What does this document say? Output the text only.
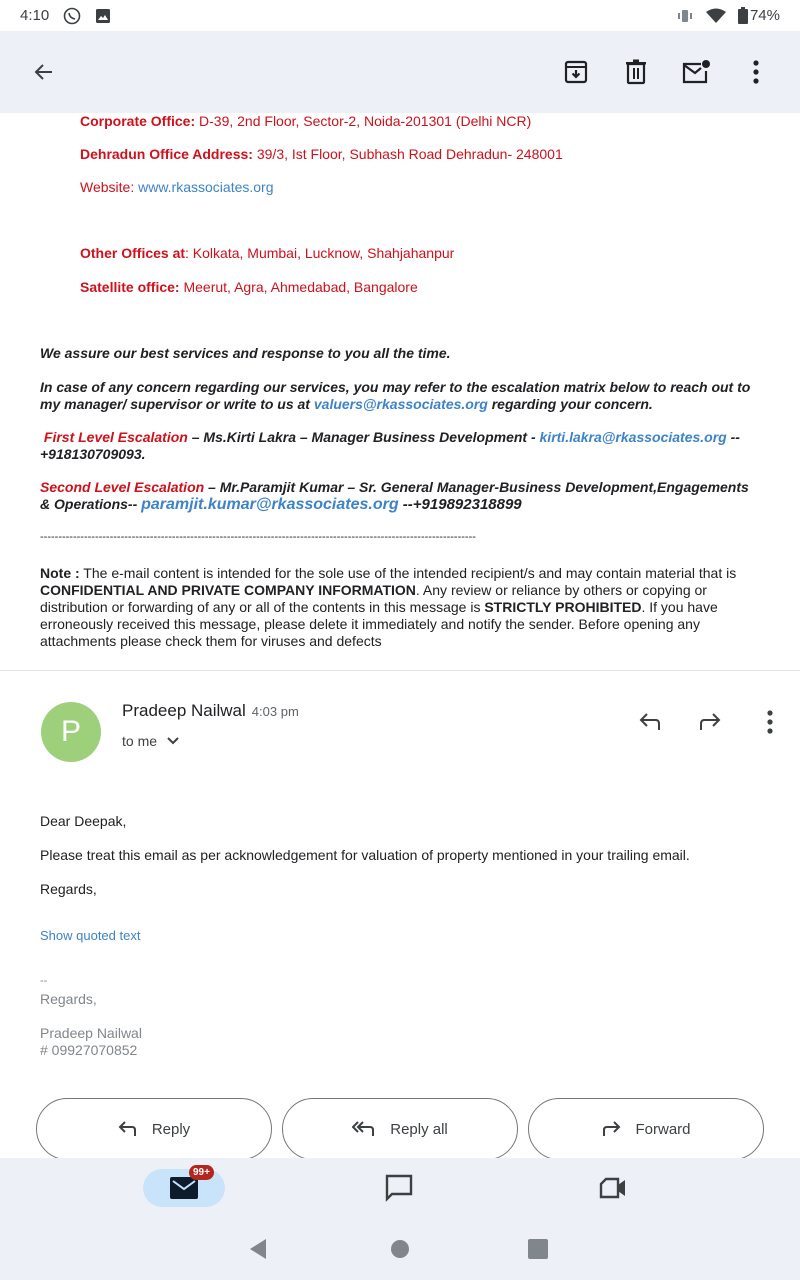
4:10	74%
Corporate Office: D-39, 2nd Floor, Sector-2, Noida-201301 (Delhi NCR)
Dehradun Office Address: 39/3, Ist Floor, Subhash Road Dehradun- 248001
Website: www.rkassociates.org
Other Offices at: Kolkata, Mumbai, Lucknow, Shahjahanpur
Satellite office: Meerut, Agra, Ahmedabad, Bangalore
We assure our best services and response to you all the time.
In case of any concern regarding our services, you may refer to the escalation matrix below to reach out to my manager/ supervisor or write to us at valuers@rkassociates.org regarding your concern.
First Level Escalation – Ms.Kirti Lakra – Manager Business Development - kirti.lakra@rkassociates.org --+918130709093.
Second Level Escalation – Mr.Paramjit Kumar – Sr. General Manager-Business Development,Engagements & Operations-- paramjit.kumar@rkassociates.org --+919892318899
-----------------------------------------------------------------------------------------------------------------------
Note : The e-mail content is intended for the sole use of the intended recipient/s and may contain material that is CONFIDENTIAL AND PRIVATE COMPANY INFORMATION. Any review or reliance by others or copying or distribution or forwarding of any or all of the contents in this message is STRICTLY PROHIBITED. If you have erroneously received this message, please delete it immediately and notify the sender. Before opening any attachments please check them for viruses and defects
P
Pradeep Nailwal 4:03 pm
to me
Dear Deepak,
Please treat this email as per acknowledgement for valuation of property mentioned in your trailing email.
Regards,
Show quoted text
--
Regards,
Pradeep Nailwal
# 09927070852
Reply	Reply all	Forward
99+
